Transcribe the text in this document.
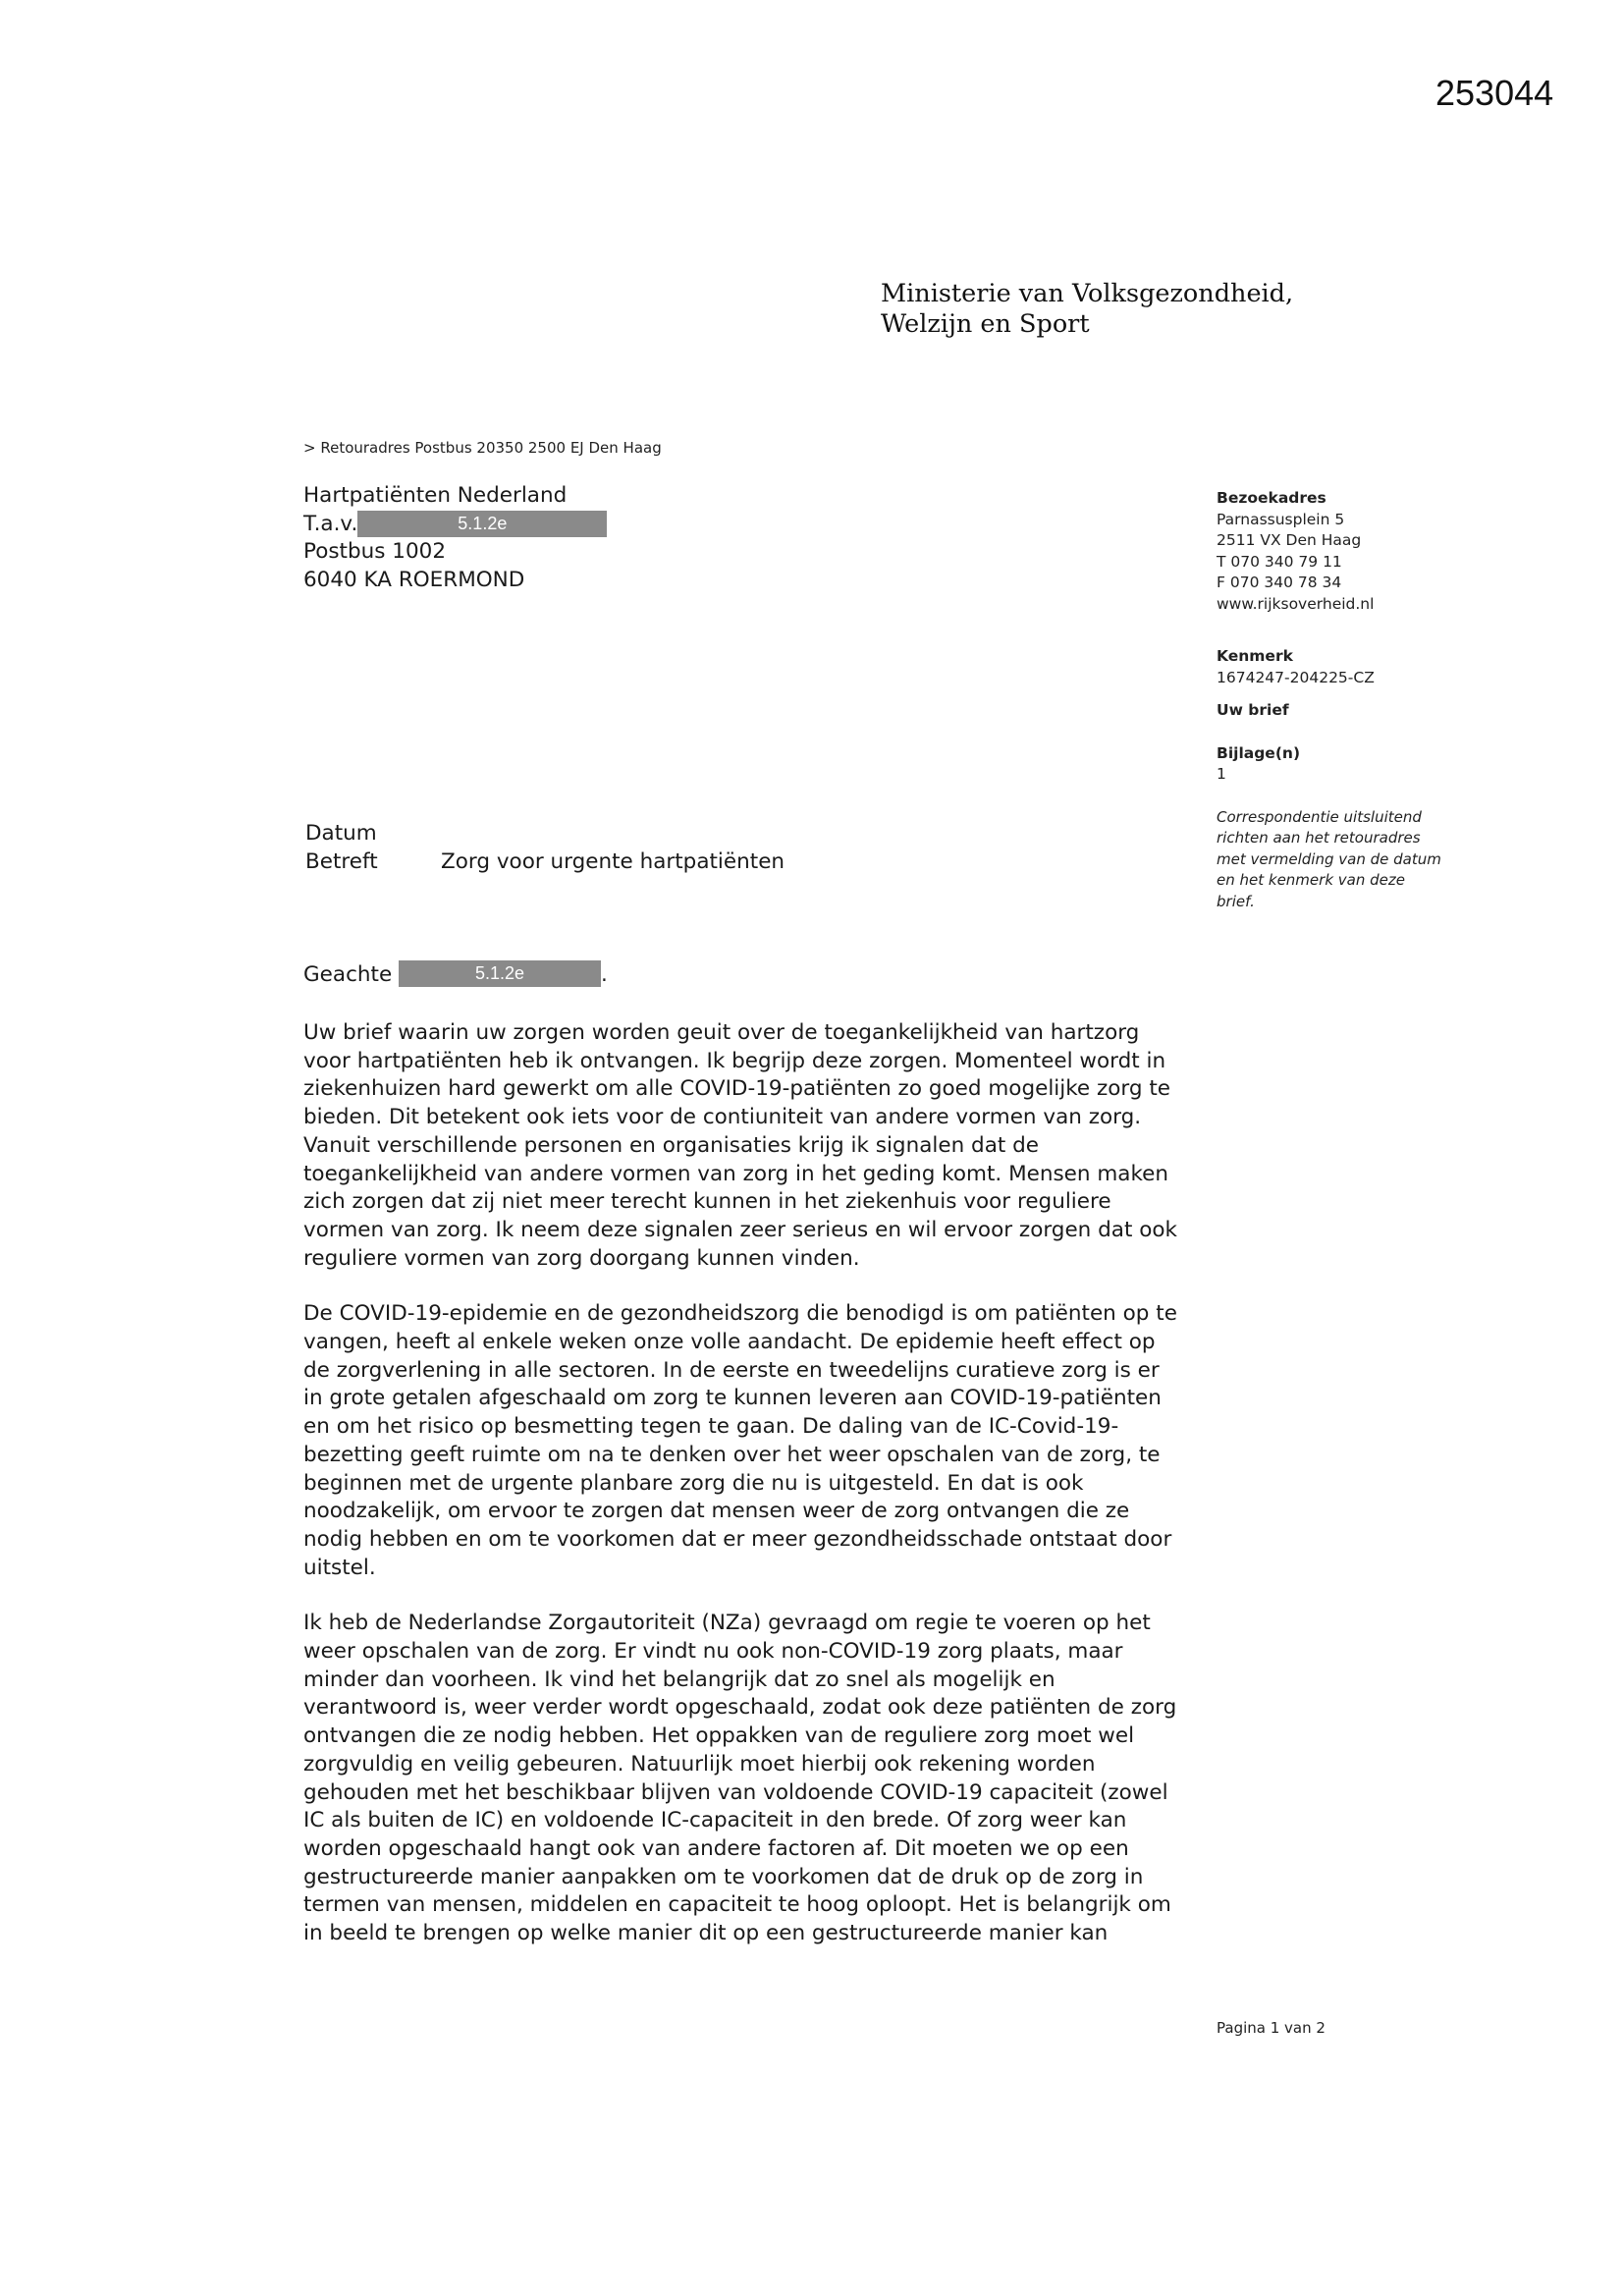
253044
Ministerie van Volksgezondheid,
Welzijn en Sport
> Retouradres Postbus 20350 2500 EJ Den Haag
Hartpatiënten Nederland
T.a.v.	5.1.2e
Postbus 1002
6040 KA ROERMOND
Bezoekadres
Parnassusplein 5
2511 VX Den Haag
T 070 340 79 11
F 070 340 78 34
www.rijksoverheid.nl
Kenmerk
1674247-204225-CZ
Uw brief
Bijlage(n)
1
Correspondentie uitsluitend
richten aan het retouradres
met vermelding van de datum
en het kenmerk van deze
brief.
Datum
Betreft	Zorg voor urgente hartpatiënten
Geachte	5.1.2e	.

Uw brief waarin uw zorgen worden geuit over de toegankelijkheid van hartzorg
voor hartpatiënten heb ik ontvangen. Ik begrijp deze zorgen. Momenteel wordt in
ziekenhuizen hard gewerkt om alle COVID-19-patiënten zo goed mogelijke zorg te
bieden. Dit betekent ook iets voor de contiuniteit van andere vormen van zorg.
Vanuit verschillende personen en organisaties krijg ik signalen dat de
toegankelijkheid van andere vormen van zorg in het geding komt. Mensen maken
zich zorgen dat zij niet meer terecht kunnen in het ziekenhuis voor reguliere
vormen van zorg. Ik neem deze signalen zeer serieus en wil ervoor zorgen dat ook
reguliere vormen van zorg doorgang kunnen vinden.

De COVID-19-epidemie en de gezondheidszorg die benodigd is om patiënten op te
vangen, heeft al enkele weken onze volle aandacht. De epidemie heeft effect op
de zorgverlening in alle sectoren. In de eerste en tweedelijns curatieve zorg is er
in grote getalen afgeschaald om zorg te kunnen leveren aan COVID-19-patiënten
en om het risico op besmetting tegen te gaan. De daling van de IC-Covid-19-
bezetting geeft ruimte om na te denken over het weer opschalen van de zorg, te
beginnen met de urgente planbare zorg die nu is uitgesteld. En dat is ook
noodzakelijk, om ervoor te zorgen dat mensen weer de zorg ontvangen die ze
nodig hebben en om te voorkomen dat er meer gezondheidsschade ontstaat door
uitstel.

Ik heb de Nederlandse Zorgautoriteit (NZa) gevraagd om regie te voeren op het
weer opschalen van de zorg. Er vindt nu ook non-COVID-19 zorg plaats, maar
minder dan voorheen. Ik vind het belangrijk dat zo snel als mogelijk en
verantwoord is, weer verder wordt opgeschaald, zodat ook deze patiënten de zorg
ontvangen die ze nodig hebben. Het oppakken van de reguliere zorg moet wel
zorgvuldig en veilig gebeuren. Natuurlijk moet hierbij ook rekening worden
gehouden met het beschikbaar blijven van voldoende COVID-19 capaciteit (zowel
IC als buiten de IC) en voldoende IC-capaciteit in den brede. Of zorg weer kan
worden opgeschaald hangt ook van andere factoren af. Dit moeten we op een
gestructureerde manier aanpakken om te voorkomen dat de druk op de zorg in
termen van mensen, middelen en capaciteit te hoog oploopt. Het is belangrijk om
in beeld te brengen op welke manier dit op een gestructureerde manier kan

Pagina 1 van 2
